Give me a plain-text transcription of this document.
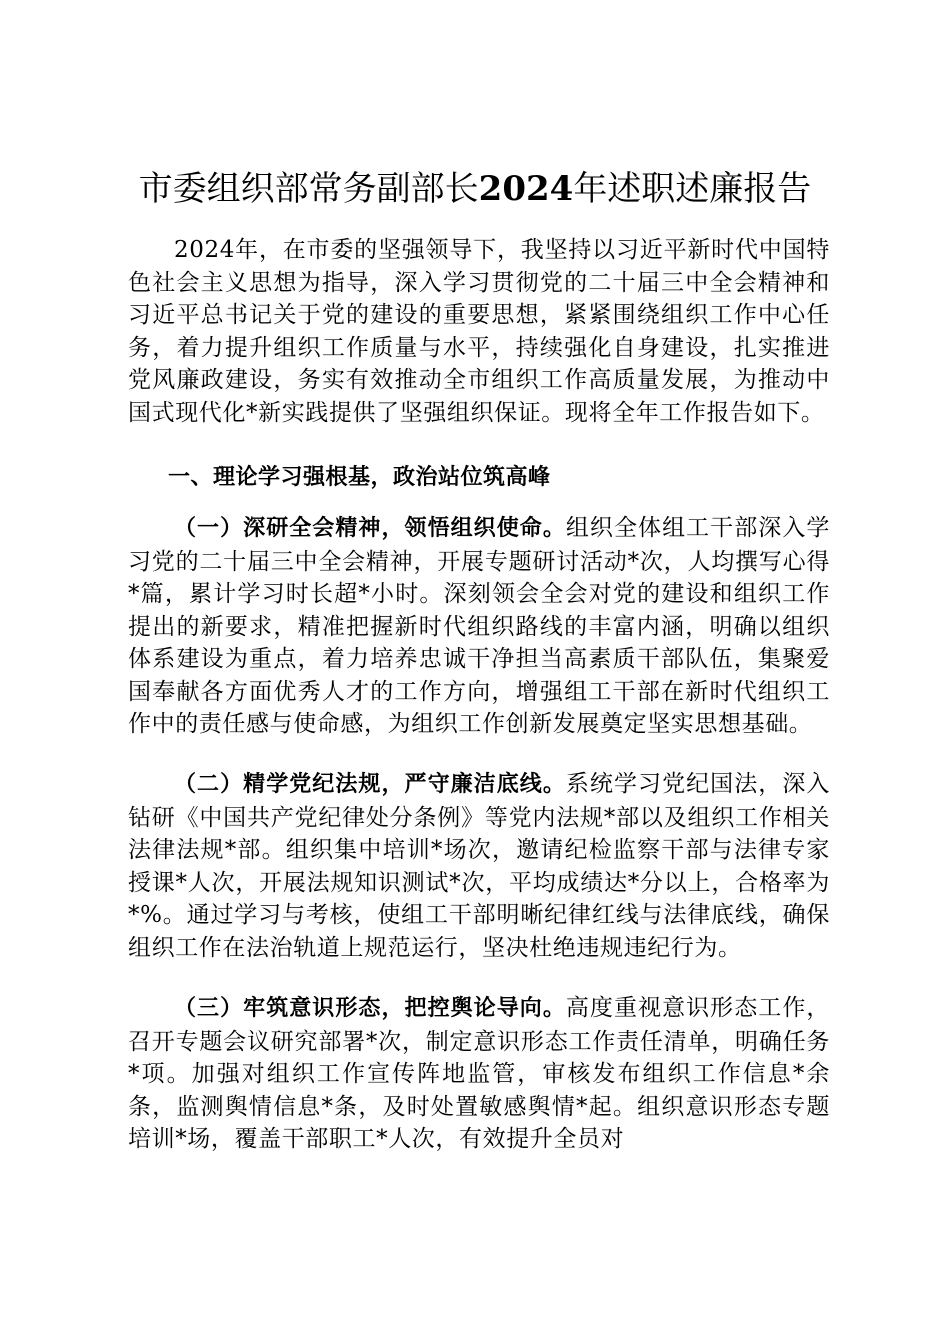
市委组织部常务副部长2024年述职述廉报告

2024年，在市委的坚强领导下，我坚持以习近平新时代中国特色社会主义思想为指导，深入学习贯彻党的二十届三中全会精神和习近平总书记关于党的建设的重要思想，紧紧围绕组织工作中心任务，着力提升组织工作质量与水平，持续强化自身建设，扎实推进党风廉政建设，务实有效推动全市组织工作高质量发展，为推动中国式现代化*新实践提供了坚强组织保证。现将全年工作报告如下。

一、理论学习强根基，政治站位筑高峰

（一）深研全会精神，领悟组织使命。组织全体组工干部深入学习党的二十届三中全会精神，开展专题研讨活动*次，人均撰写心得*篇，累计学习时长超*小时。深刻领会全会对党的建设和组织工作提出的新要求，精准把握新时代组织路线的丰富内涵，明确以组织体系建设为重点，着力培养忠诚干净担当高素质干部队伍，集聚爱国奉献各方面优秀人才的工作方向，增强组工干部在新时代组织工作中的责任感与使命感，为组织工作创新发展奠定坚实思想基础。

（二）精学党纪法规，严守廉洁底线。系统学习党纪国法，深入钻研《中国共产党纪律处分条例》等党内法规*部以及组织工作相关法律法规*部。组织集中培训*场次，邀请纪检监察干部与法律专家授课*人次，开展法规知识测试*次，平均成绩达*分以上，合格率为*%。通过学习与考核，使组工干部明晰纪律红线与法律底线，确保组织工作在法治轨道上规范运行，坚决杜绝违规违纪行为。

（三）牢筑意识形态，把控舆论导向。高度重视意识形态工作，召开专题会议研究部署*次，制定意识形态工作责任清单，明确任务*项。加强对组织工作宣传阵地监管，审核发布组织工作信息*余条，监测舆情信息*条，及时处置敏感舆情*起。组织意识形态专题培训*场，覆盖干部职工*人次，有效提升全员对
